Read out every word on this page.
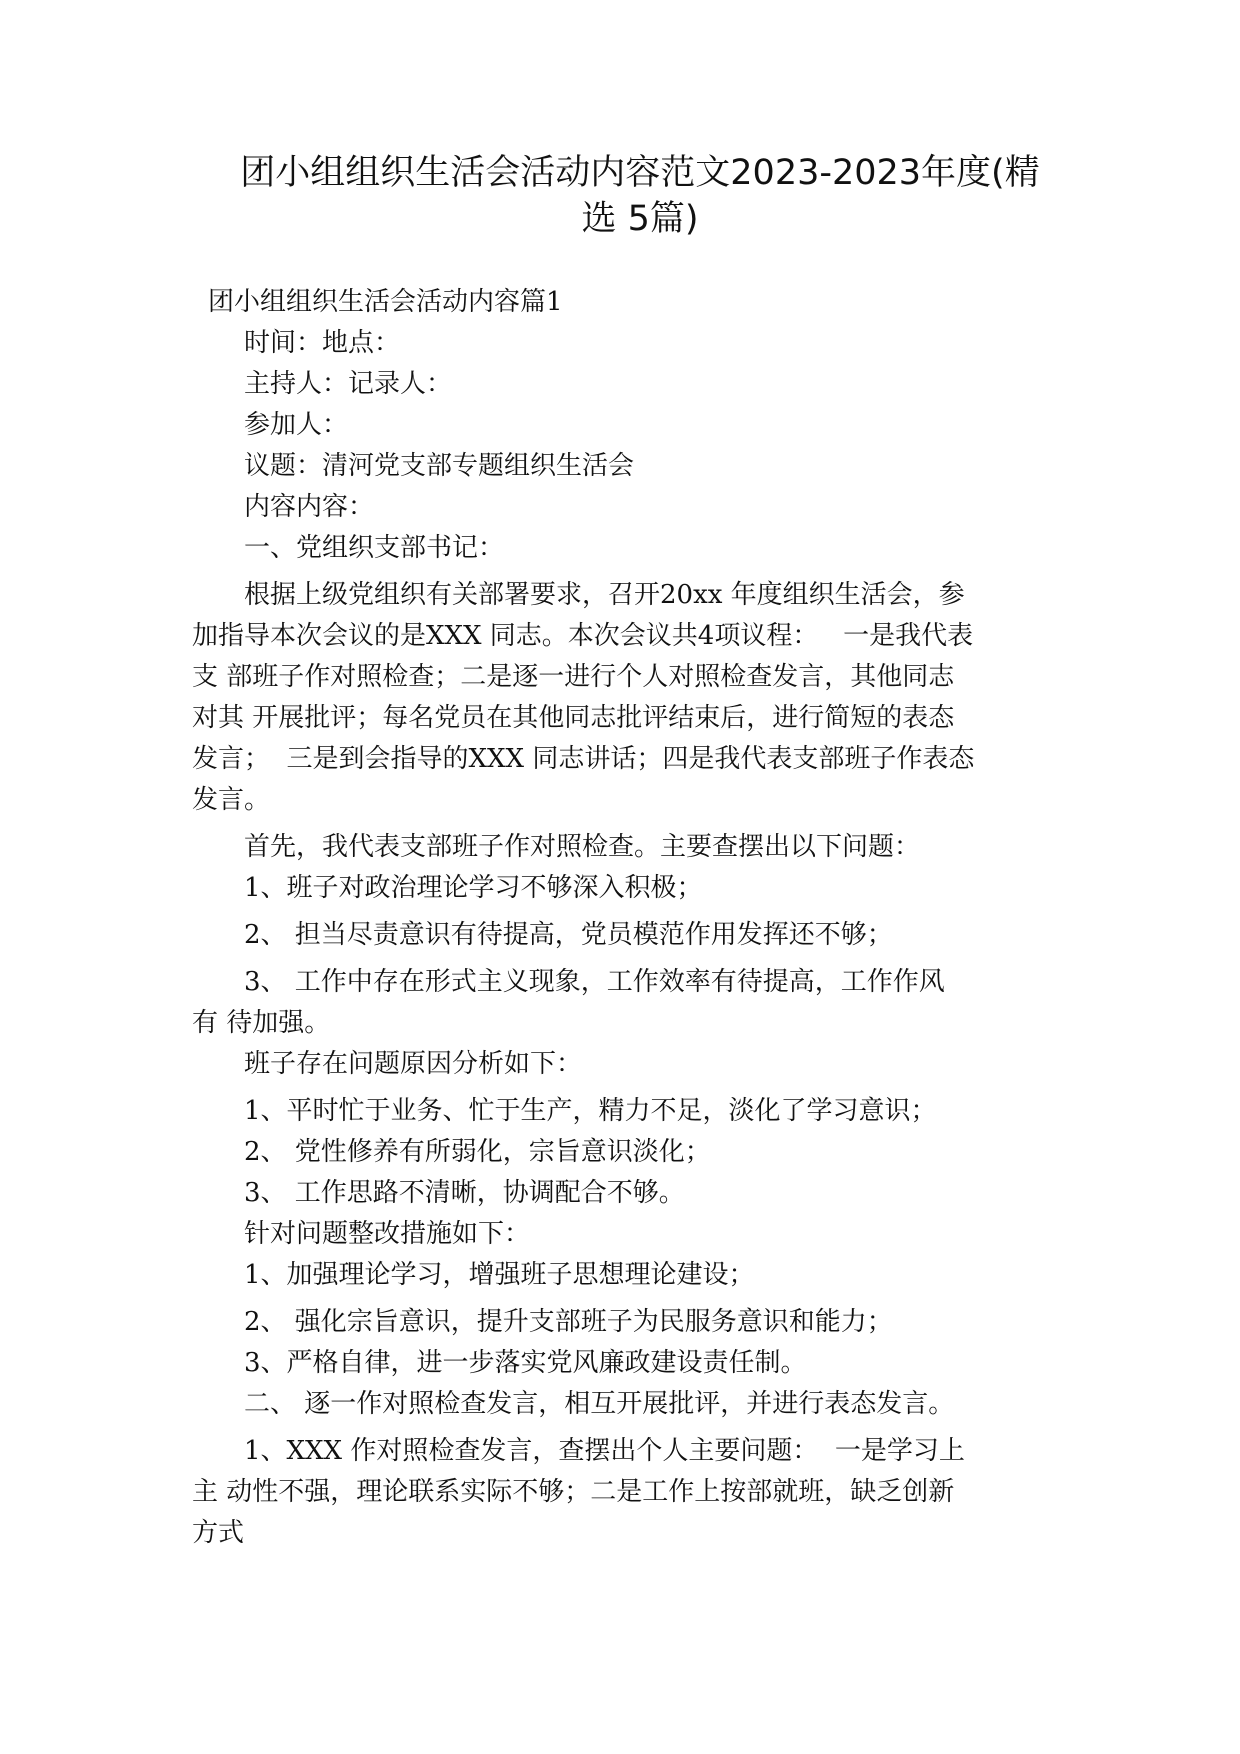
团小组组织生活会活动内容范文2023-2023年度(精
选 5篇)

团小组组织生活会活动内容篇1

时间：地点：

主持人：记录人：

参加人：

议题：清河党支部专题组织生活会

内容内容：

一、党组织支部书记：

根据上级党组织有关部署要求，召开20xx 年度组织生活会，参

加指导本次会议的是XXX 同志。本次会议共4项议程：   一是我代表

支 部班子作对照检查；二是逐一进行个人对照检查发言，其他同志

对其 开展批评；每名党员在其他同志批评结束后，进行简短的表态

发言；  三是到会指导的XXX 同志讲话；四是我代表支部班子作表态

发言。

首先，我代表支部班子作对照检查。主要查摆出以下问题：

1、班子对政治理论学习不够深入积极；

2、 担当尽责意识有待提高，党员模范作用发挥还不够；

3、 工作中存在形式主义现象，工作效率有待提高，工作作风

有 待加强。

班子存在问题原因分析如下：

1、平时忙于业务、忙于生产，精力不足，淡化了学习意识；

2、 党性修养有所弱化，宗旨意识淡化；

3、 工作思路不清晰，协调配合不够。

针对问题整改措施如下：

1、加强理论学习，增强班子思想理论建设；

2、 强化宗旨意识，提升支部班子为民服务意识和能力；

3、严格自律，进一步落实党风廉政建设责任制。

二、 逐一作对照检查发言，相互开展批评，并进行表态发言。

1、XXX 作对照检查发言，查摆出个人主要问题：  一是学习上

主 动性不强，理论联系实际不够；二是工作上按部就班，缺乏创新

方式
